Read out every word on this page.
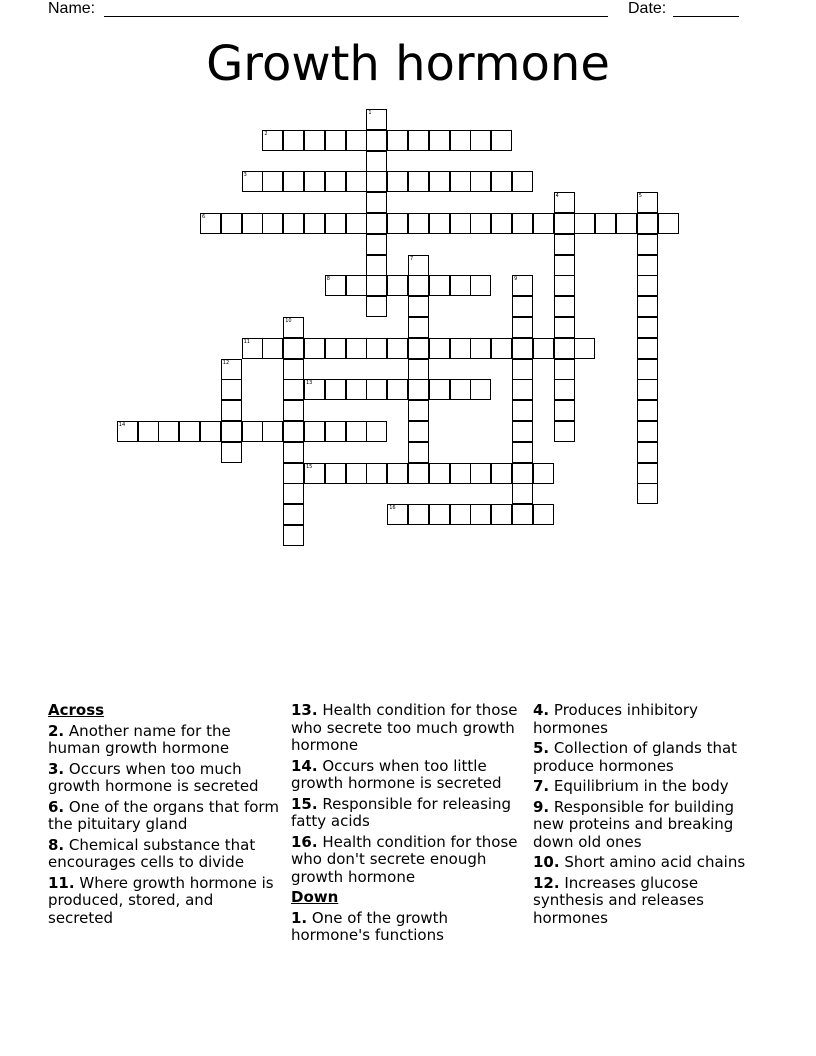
Name:	Date:
Growth hormone
1
2
3
4	5
6
7
8	9
10
11
12
13
14
15
16
Across
2. Another name for the human growth hormone
3. Occurs when too much growth hormone is secreted
6. One of the organs that form the pituitary gland
8. Chemical substance that encourages cells to divide
11. Where growth hormone is produced, stored, and secreted
13. Health condition for those who secrete too much growth hormone
14. Occurs when too little growth hormone is secreted
15. Responsible for releasing fatty acids
16. Health condition for those who don't secrete enough growth hormone
Down
1. One of the growth hormone's functions
4. Produces inhibitory hormones
5. Collection of glands that produce hormones
7. Equilibrium in the body
9. Responsible for building new proteins and breaking down old ones
10. Short amino acid chains
12. Increases glucose synthesis and releases hormones
